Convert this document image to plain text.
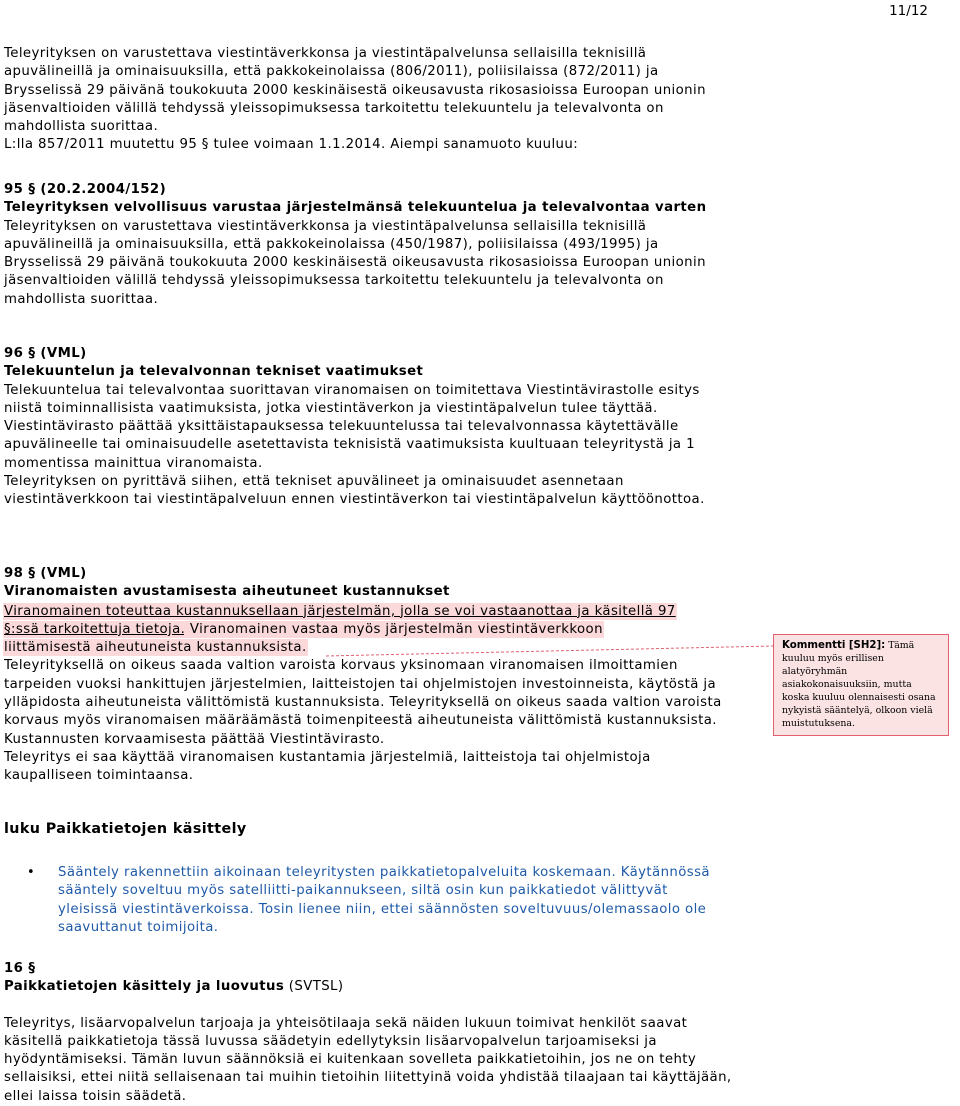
11/12

Teleyrityksen on varustettava viestintäverkkonsa ja viestintäpalvelunsa sellaisilla teknisillä apuvälineillä ja ominaisuuksilla, että pakkokeinolaissa (806/2011), poliisilaissa (872/2011) ja Brysselissä 29 päivänä toukokuuta 2000 keskinäisestä oikeusavusta rikosasioissa Euroopan unionin jäsenvaltioiden välillä tehdyssä yleissopimuksessa tarkoitettu telekuuntelu ja televalvonta on mahdollista suorittaa.

L:lla 857/2011 muutettu 95 § tulee voimaan 1.1.2014. Aiempi sanamuoto kuuluu:

95 § (20.2.2004/152)

Teleyrityksen velvollisuus varustaa järjestelmänsä telekuuntelua ja televalvontaa varten

Teleyrityksen on varustettava viestintäverkkonsa ja viestintäpalvelunsa sellaisilla teknisillä apuvälineillä ja ominaisuuksilla, että pakkokeinolaissa (450/1987), poliisilaissa (493/1995) ja Brysselissä 29 päivänä toukokuuta 2000 keskinäisestä oikeusavusta rikosasioissa Euroopan unionin jäsenvaltioiden välillä tehdyssä yleissopimuksessa tarkoitettu telekuuntelu ja televalvonta on mahdollista suorittaa.

96 § (VML)

Telekuuntelun ja televalvonnan tekniset vaatimukset

Telekuuntelua tai televalvontaa suorittavan viranomaisen on toimitettava Viestintävirastolle esitys niistä toiminnallisista vaatimuksista, jotka viestintäverkon ja viestintäpalvelun tulee täyttää.

Viestintävirasto päättää yksittäistapauksessa telekuuntelussa tai televalvonnassa käytettävälle apuvälineelle tai ominaisuudelle asetettavista teknisistä vaatimuksista kuultuaan teleyritystä ja 1 momentissa mainittua viranomaista.

Teleyrityksen on pyrittävä siihen, että tekniset apuvälineet ja ominaisuudet asennetaan viestintäverkkoon tai viestintäpalveluun ennen viestintäverkon tai viestintäpalvelun käyttöönottoa.

98 § (VML)

Viranomaisten avustamisesta aiheutuneet kustannukset

Viranomainen toteuttaa kustannuksellaan järjestelmän, jolla se voi vastaanottaa ja käsitellä 97
§:ssä tarkoitettuja tietoja. Viranomainen vastaa myös järjestelmän viestintäverkkoon
liittämisestä aiheutuneista kustannuksista.

Teleyrityksellä on oikeus saada valtion varoista korvaus yksinomaan viranomaisen ilmoittamien tarpeiden vuoksi hankittujen järjestelmien, laitteistojen tai ohjelmistojen investoinneista, käytöstä ja ylläpidosta aiheutuneista välittömistä kustannuksista. Teleyrityksellä on oikeus saada valtion varoista korvaus myös viranomaisen määräämästä toimenpiteestä aiheutuneista välittömistä kustannuksista. Kustannusten korvaamisesta päättää Viestintävirasto.

Teleyritys ei saa käyttää viranomaisen kustantamia järjestelmiä, laitteistoja tai ohjelmistoja kaupalliseen toimintaansa.

Kommentti [SH2]: Tämä kuuluu myös erillisen alatyöryhmän asiakokonaisuuksiin, mutta koska kuuluu olennaisesti osana nykyistä sääntelyä, olkoon vielä muistutuksena.

luku Paikkatietojen käsittely

• Sääntely rakennettiin aikoinaan teleyritysten paikkatietopalveluita koskemaan. Käytännössä sääntely soveltuu myös satelliitti-paikannukseen, siltä osin kun paikkatiedot välittyvät yleisissä viestintäverkoissa. Tosin lienee niin, ettei säännösten soveltuvuus/olemassaolo ole saavuttanut toimijoita.

16 §

Paikkatietojen käsittely ja luovutus (SVTSL)

Teleyritys, lisäarvopalvelun tarjoaja ja yhteisötilaaja sekä näiden lukuun toimivat henkilöt saavat käsitellä paikkatietoja tässä luvussa säädetyin edellytyksin lisäarvopalvelun tarjoamiseksi ja hyödyntämiseksi. Tämän luvun säännöksiä ei kuitenkaan sovelleta paikkatietoihin, jos ne on tehty sellaisiksi, ettei niitä sellaisenaan tai muihin tietoihin liitettyinä voida yhdistää tilaajaan tai käyttäjään, ellei laissa toisin säädetä.
